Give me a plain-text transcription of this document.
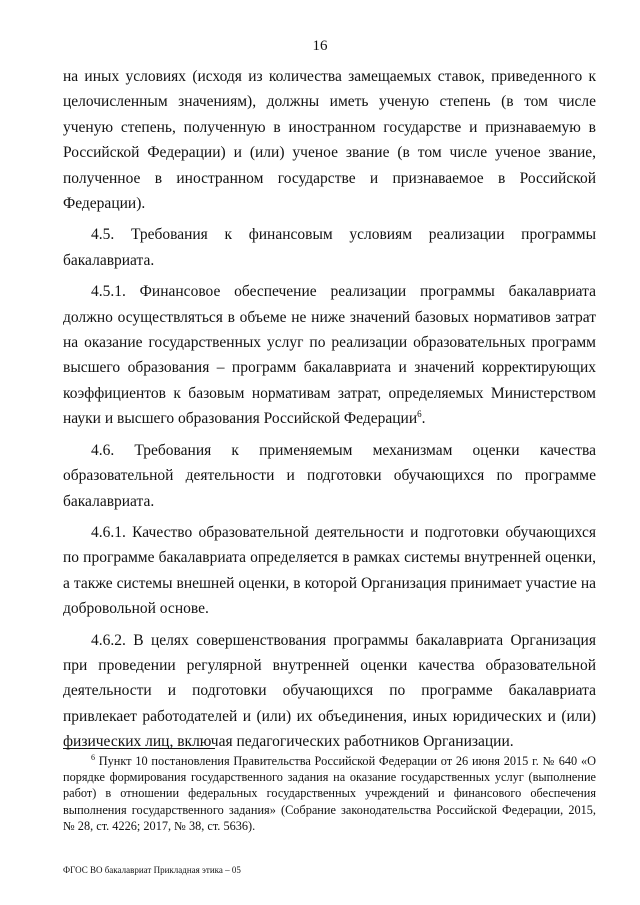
16

на иных условиях (исходя из количества замещаемых ставок, приведенного к целочисленным значениям), должны иметь ученую степень (в том числе ученую степень, полученную в иностранном государстве и признаваемую в Российской Федерации) и (или) ученое звание (в том числе ученое звание, полученное в иностранном государстве и признаваемое в Российской Федерации).

4.5. Требования к финансовым условиям реализации программы бакалавриата.

4.5.1. Финансовое обеспечение реализации программы бакалавриата должно осуществляться в объеме не ниже значений базовых нормативов затрат на оказание государственных услуг по реализации образовательных программ высшего образования – программ бакалавриата и значений корректирующих коэффициентов к базовым нормативам затрат, определяемых Министерством науки и высшего образования Российской Федерации$^6$.

4.6. Требования к применяемым механизмам оценки качества образовательной деятельности и подготовки обучающихся по программе бакалавриата.

4.6.1. Качество образовательной деятельности и подготовки обучающихся по программе бакалавриата определяется в рамках системы внутренней оценки, а также системы внешней оценки, в которой Организация принимает участие на добровольной основе.

4.6.2. В целях совершенствования программы бакалавриата Организация при проведении регулярной внутренней оценки качества образовательной деятельности и подготовки обучающихся по программе бакалавриата привлекает работодателей и (или) их объединения, иных юридических и (или) физических лиц, включая педагогических работников Организации.

$^6$ Пункт 10 постановления Правительства Российской Федерации от 26 июня 2015 г. № 640 «О порядке формирования государственного задания на оказание государственных услуг (выполнение работ) в отношении федеральных государственных учреждений и финансового обеспечения выполнения государственного задания» (Собрание законодательства Российской Федерации, 2015, № 28, ст. 4226; 2017, № 38, ст. 5636).

ФГОС ВО бакалавриат Прикладная этика – 05
